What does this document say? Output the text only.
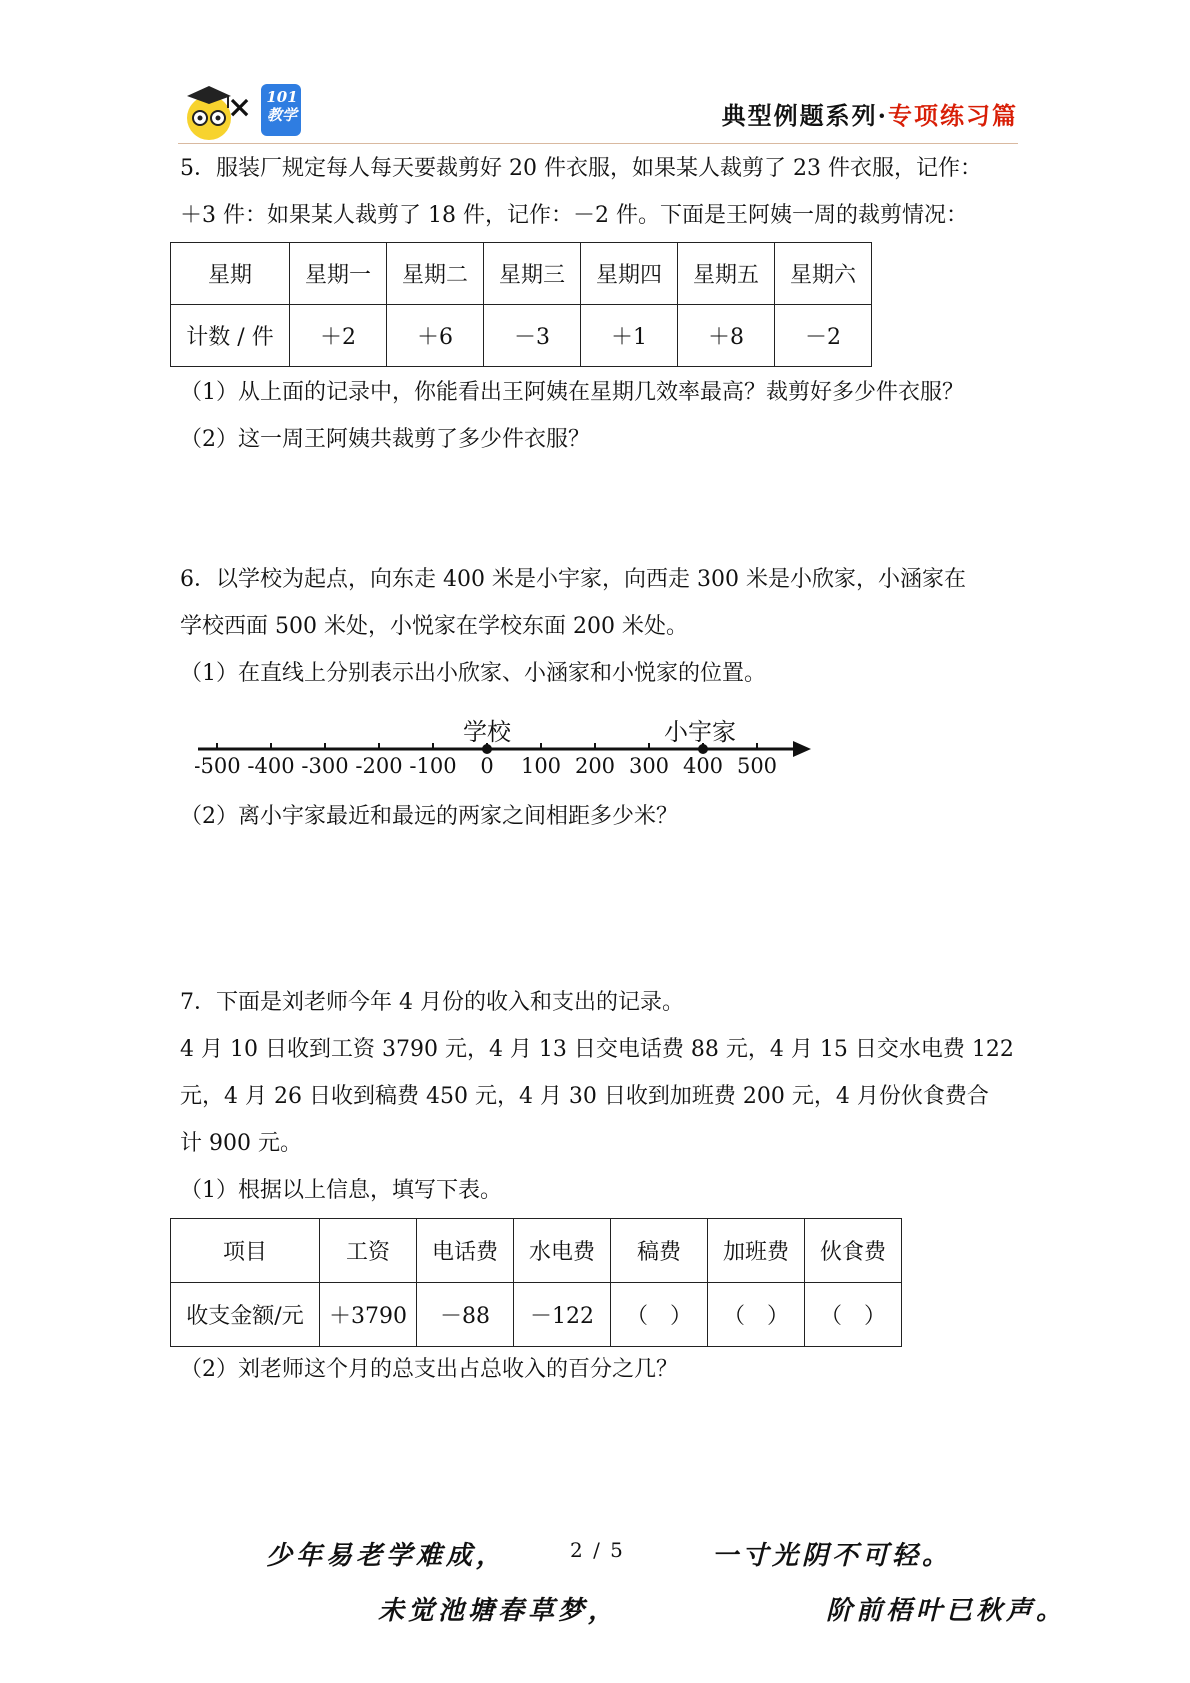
× 101
教学	典型例题系列·专项练习篇
5．服装厂规定每人每天要裁剪好 20 件衣服，如果某人裁剪了 23 件衣服，记作：
＋3 件：如果某人裁剪了 18 件，记作：－2 件。下面是王阿姨一周的裁剪情况：
星期	星期一	星期二	星期三	星期四	星期五	星期六
计数 / 件	＋2	＋6	－3	＋1	＋8	－2
（1）从上面的记录中，你能看出王阿姨在星期几效率最高？裁剪好多少件衣服？
（2）这一周王阿姨共裁剪了多少件衣服？
6．以学校为起点，向东走 400 米是小宇家，向西走 300 米是小欣家，小涵家在
学校西面 500 米处，小悦家在学校东面 200 米处。
（1）在直线上分别表示出小欣家、小涵家和小悦家的位置。
-500 -400 -300 -200 -100 0 100 200 300 400 500
学校	小宇家
（2）离小宇家最近和最远的两家之间相距多少米？
7．下面是刘老师今年 4 月份的收入和支出的记录。
4 月 10 日收到工资 3790 元，4 月 13 日交电话费 88 元，4 月 15 日交水电费 122
元，4 月 26 日收到稿费 450 元，4 月 30 日收到加班费 200 元，4 月份伙食费合
计 900 元。
（1）根据以上信息，填写下表。
项目	工资	电话费	水电费	稿费	加班费	伙食费
收支金额/元	＋3790	－88	－122	（　）	（　）	（　）
（2）刘老师这个月的总支出占总收入的百分之几？
少年易老学难成，	2 / 5	一寸光阴不可轻。
未觉池塘春草梦，	阶前梧叶已秋声。
